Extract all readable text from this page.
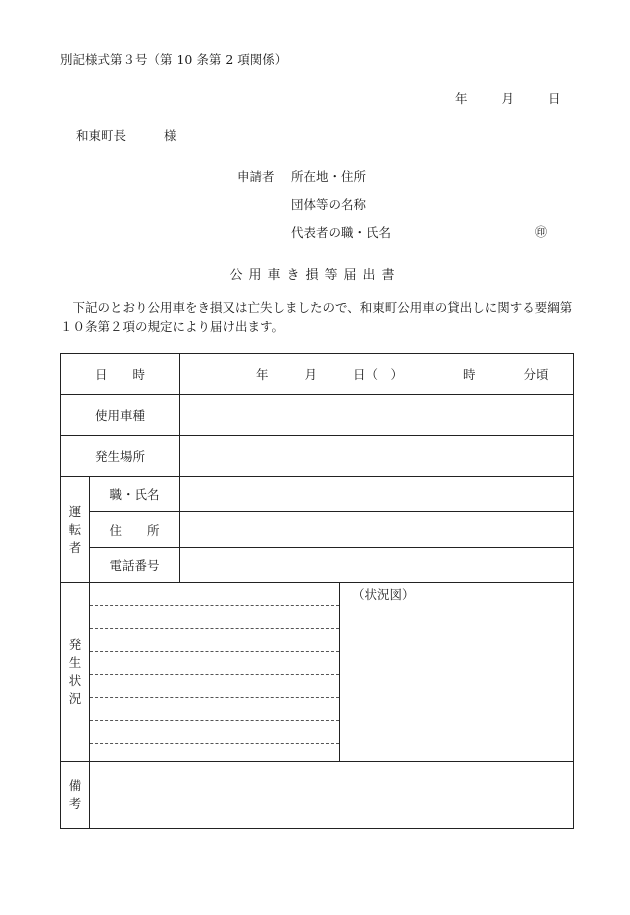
別記様式第３号（第 10 条第 2 項関係）
年	月	日
和東町長	様
申請者 所在地・住所
団体等の名称
代表者の職・氏名	㊞
公用車き損等届出書
下記のとおり公用車をき損又は亡失しましたので、和東町公用車の貸出しに関する要綱第１０条第２項の規定により届け出ます。
日　　時		年 月 日（　） 時 分頃	
使用車種			
発生場所			

運
転
者	職・氏名		
	住　　所		
	電話番号		

発
生
状
況			（状況図）

備
考			
